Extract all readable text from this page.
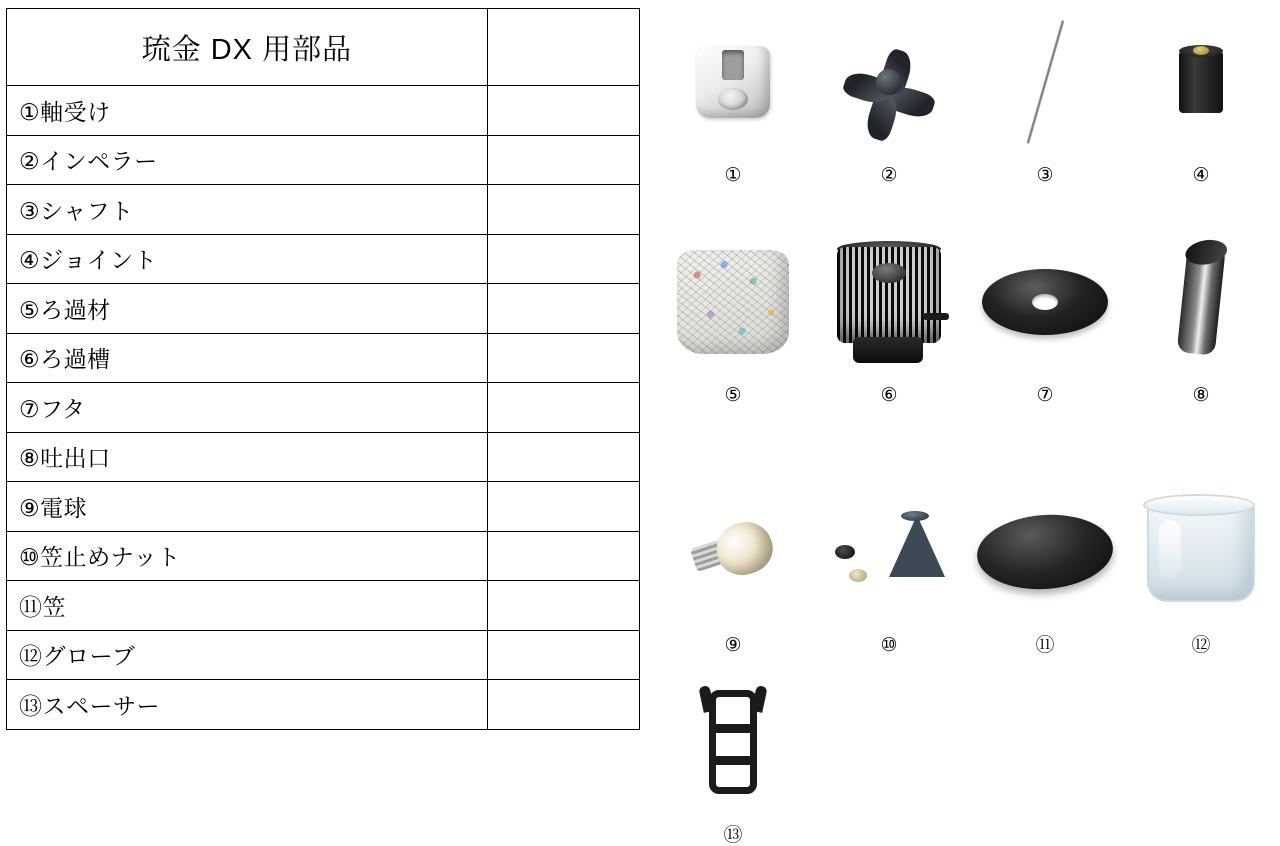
琉金 DX 用部品	
①軸受け	
②インペラー	
③シャフト	
④ジョイント	
⑤ろ過材	
⑥ろ過槽	
⑦フタ	
⑧吐出口	
⑨電球	
⑩笠止めナット	
⑪笠	
⑫グローブ	
⑬スペーサー	
①	②	③	④
⑤	⑥	⑦	⑧
⑨	⑩	⑪	⑫
⑬
